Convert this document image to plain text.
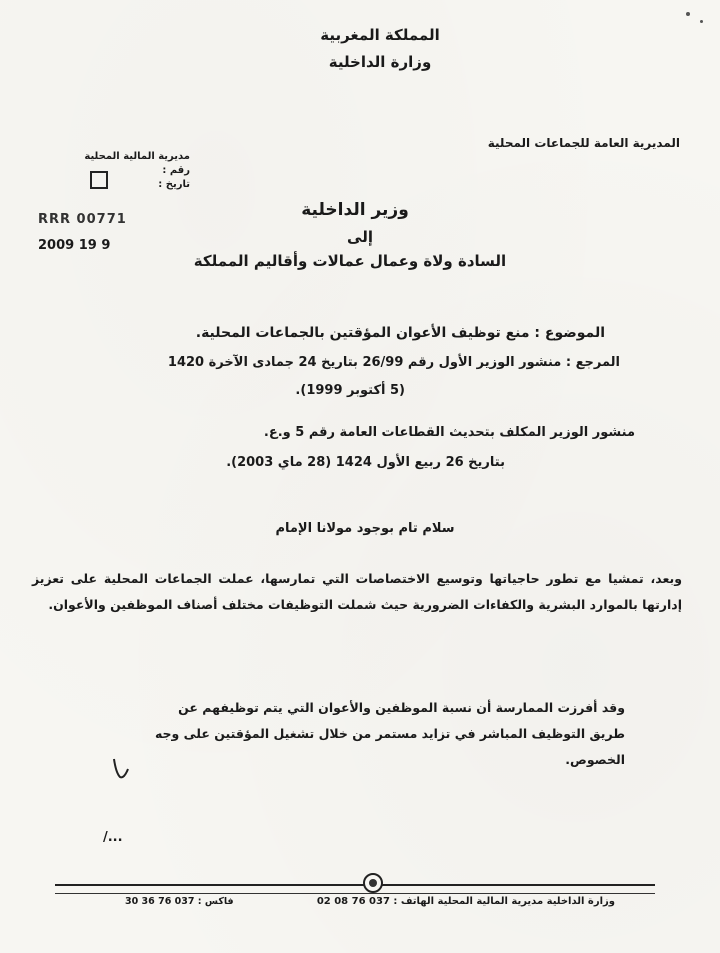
المملكة المغربية
وزارة الداخلية
المديرية العامة للجماعات المحلية
مديرية المالية المحلية
رقم :
تاريخ :
RRR 00771
2009 19 9
وزير الداخلية
إلى
السادة ولاة وعمال عمالات وأقاليم المملكة
الموضوع : منع توظيف الأعوان المؤقتين بالجماعات المحلية.
المرجع : منشور الوزير الأول رقم 26/99 بتاريخ 24 جمادى الآخرة 1420
(5 أكتوبر 1999).
منشور الوزير المكلف بتحديث القطاعات العامة رقم 5 و.ع.
بتاريخ 26 ربيع الأول 1424 (28 ماي 2003).
سلام تام بوجود مولانا الإمام
وبعد، تمشيا مع تطور حاجياتها وتوسيع الاختصاصات التي تمارسها، عملت الجماعات المحلية على تعزيز إدارتها بالموارد البشرية والكفاءات الضرورية حيث شملت التوظيفات مختلف أصناف الموظفين والأعوان.
وقد أفرزت الممارسة أن نسبة الموظفين والأعوان التي يتم توظيفهم عن
طريق التوظيف المباشر في تزايد مستمر من خلال تشغيل المؤقتين على وجه
الخصوص.
/...
وزارة الداخلية مديرية المالية المحلية الهاتف : 037 76 08 02
فاكس : 037 76 36 30
